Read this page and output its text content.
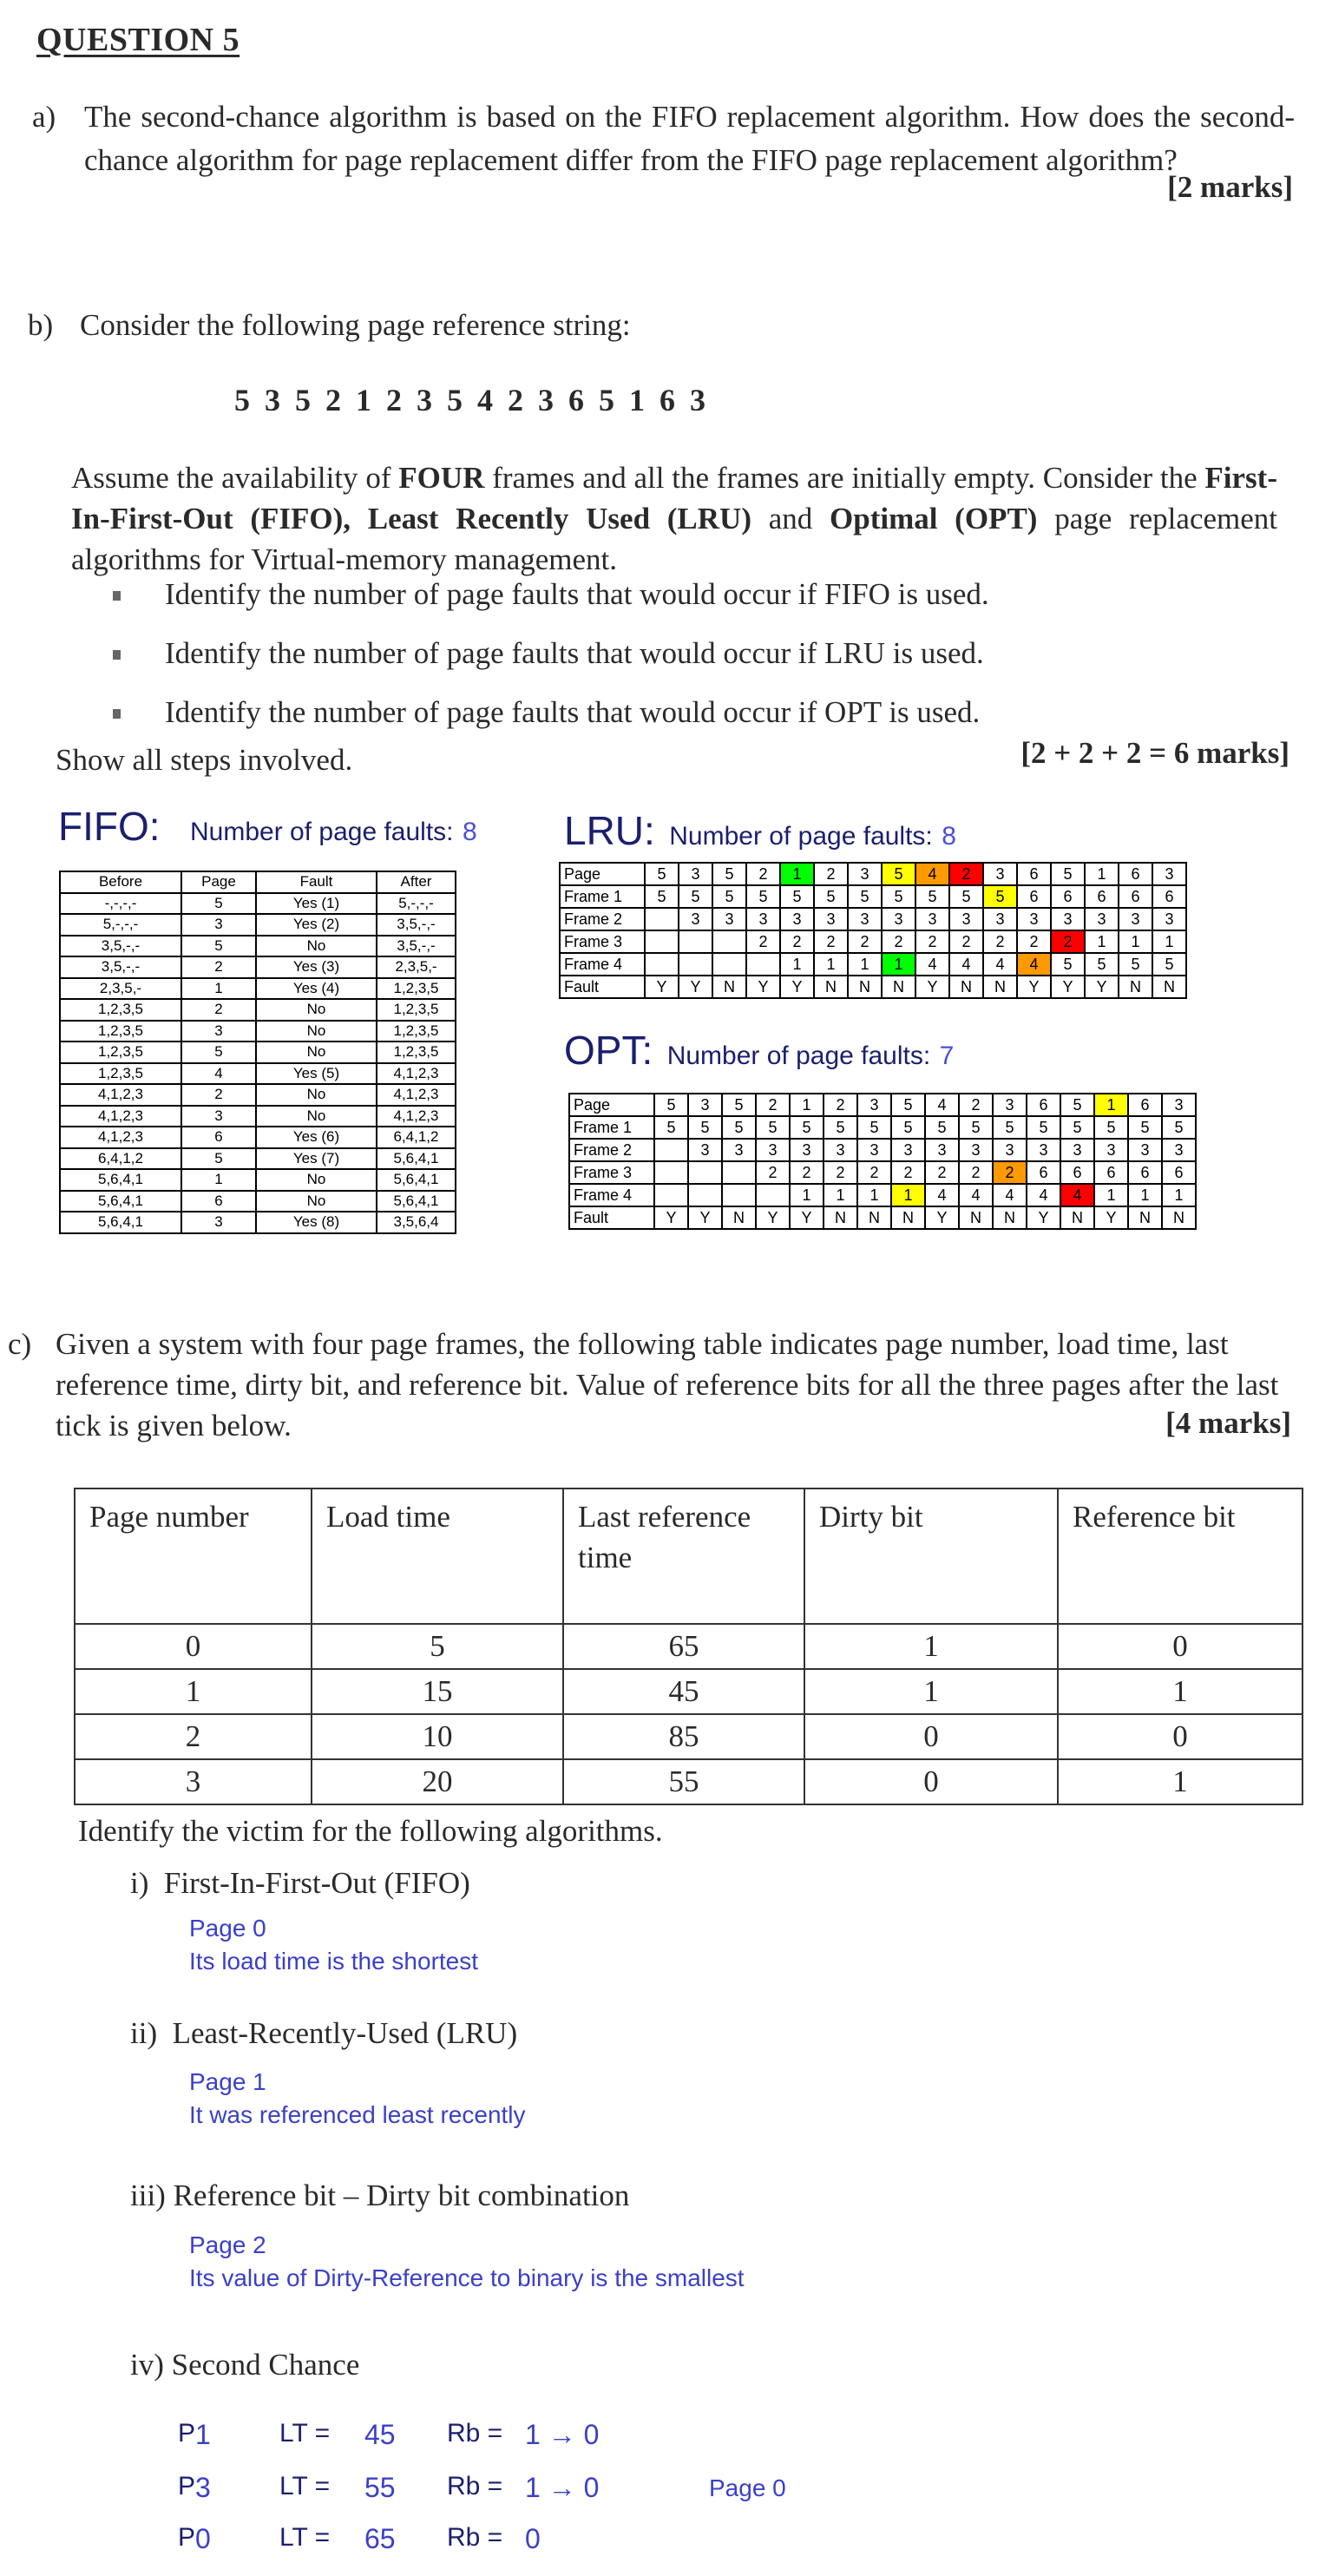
QUESTION 5
a) The second-chance algorithm is based on the FIFO replacement algorithm. How does the second-chance algorithm for page replacement differ from the FIFO page replacement algorithm?
[2 marks]
b) Consider the following page reference string:
5 3 5 2 1 2 3 5 4 2 3 6 5 1 6 3
Assume the availability of FOUR frames and all the frames are initially empty. Consider the First-In-First-Out (FIFO), Least Recently Used (LRU) and Optimal (OPT) page replacement algorithms for Virtual-memory management.
Identify the number of page faults that would occur if FIFO is used.
Identify the number of page faults that would occur if LRU is used.
Identify the number of page faults that would occur if OPT is used.
Show all steps involved.	[2 + 2 + 2 = 6 marks]
FIFO: Number of page faults: 8
Before	Page	Fault	After
-,-,-,-	5	Yes (1)	5,-,-,-
5,-,-,-	3	Yes (2)	3,5,-,-
3,5,-,-	5	No	3,5,-,-
3,5,-,-	2	Yes (3)	2,3,5,-
2,3,5,-	1	Yes (4)	1,2,3,5
1,2,3,5	2	No	1,2,3,5
1,2,3,5	3	No	1,2,3,5
1,2,3,5	5	No	1,2,3,5
1,2,3,5	4	Yes (5)	4,1,2,3
4,1,2,3	2	No	4,1,2,3
4,1,2,3	3	No	4,1,2,3
4,1,2,3	6	Yes (6)	6,4,1,2
6,4,1,2	5	Yes (7)	5,6,4,1
5,6,4,1	1	No	5,6,4,1
5,6,4,1	6	No	5,6,4,1
5,6,4,1	3	Yes (8)	3,5,6,4
LRU: Number of page faults: 8
Page	5	3	5	2	1	2	3	5	4	2	3	6	5	1	6	3
Frame 1	5	5	5	5	5	5	5	5	5	5	5	6	6	6	6	6
Frame 2		3	3	3	3	3	3	3	3	3	3	3	3	3	3	3
Frame 3				2	2	2	2	2	2	2	2	2	2	1	1	1
Frame 4					1	1	1	1	4	4	4	4	5	5	5	5
Fault	Y	Y	N	Y	Y	N	N	N	Y	N	N	Y	Y	Y	N	N
OPT: Number of page faults: 7
Page	5	3	5	2	1	2	3	5	4	2	3	6	5	1	6	3
Frame 1	5	5	5	5	5	5	5	5	5	5	5	5	5	5	5	5
Frame 2		3	3	3	3	3	3	3	3	3	3	3	3	3	3	3
Frame 3				2	2	2	2	2	2	2	2	6	6	6	6	6
Frame 4					1	1	1	1	4	4	4	4	4	1	1	1
Fault	Y	Y	N	Y	Y	N	N	N	Y	N	N	Y	N	Y	N	N
c) Given a system with four page frames, the following table indicates page number, load time, last reference time, dirty bit, and reference bit. Value of reference bits for all the three pages after the last tick is given below.	[4 marks]
Page number	Load time	Last reference time	Dirty bit	Reference bit
0	5	65	1	0
1	15	45	1	1
2	10	85	0	0
3	20	55	0	1
Identify the victim for the following algorithms.
i) First-In-First-Out (FIFO)
Page 0
Its load time is the shortest
ii) Least-Recently-Used (LRU)
Page 1
It was referenced least recently
iii) Reference bit – Dirty bit combination
Page 2
Its value of Dirty-Reference to binary is the smallest
iv) Second Chance
P 1	LT = 45 Rb = 1 → 0
P 3	LT = 55 Rb = 1 → 0
P 0	LT = 65 Rb = 0
Page 0
